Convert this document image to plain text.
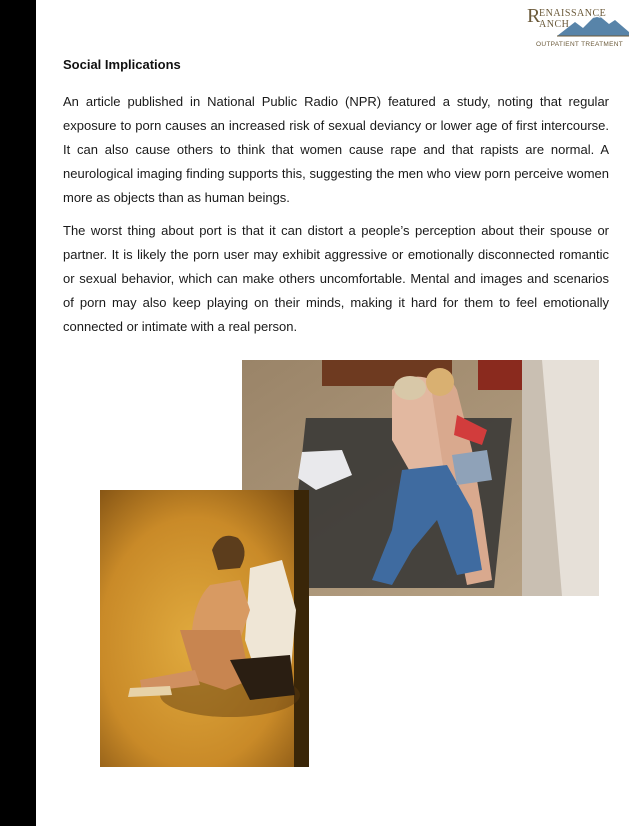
R
ENAISSANCE
ANCH
OUTPATIENT TREATMENT
Social Implications

An article published in National Public Radio (NPR) featured a study, noting that regular exposure to porn causes an increased risk of sexual deviancy or lower age of first intercourse. It can also cause others to think that women cause rape and that rapists are normal. A neurological imaging finding supports this, suggesting the men who view porn perceive women more as objects than as human beings.

The worst thing about port is that it can distort a people’s perception about their spouse or partner. It is likely the porn user may exhibit aggressive or emotionally disconnected romantic or sexual behavior, which can make others uncomfortable. Mental and images and scenarios of porn may also keep playing on their minds, making it hard for them to feel emotionally connected or intimate with a real person.
